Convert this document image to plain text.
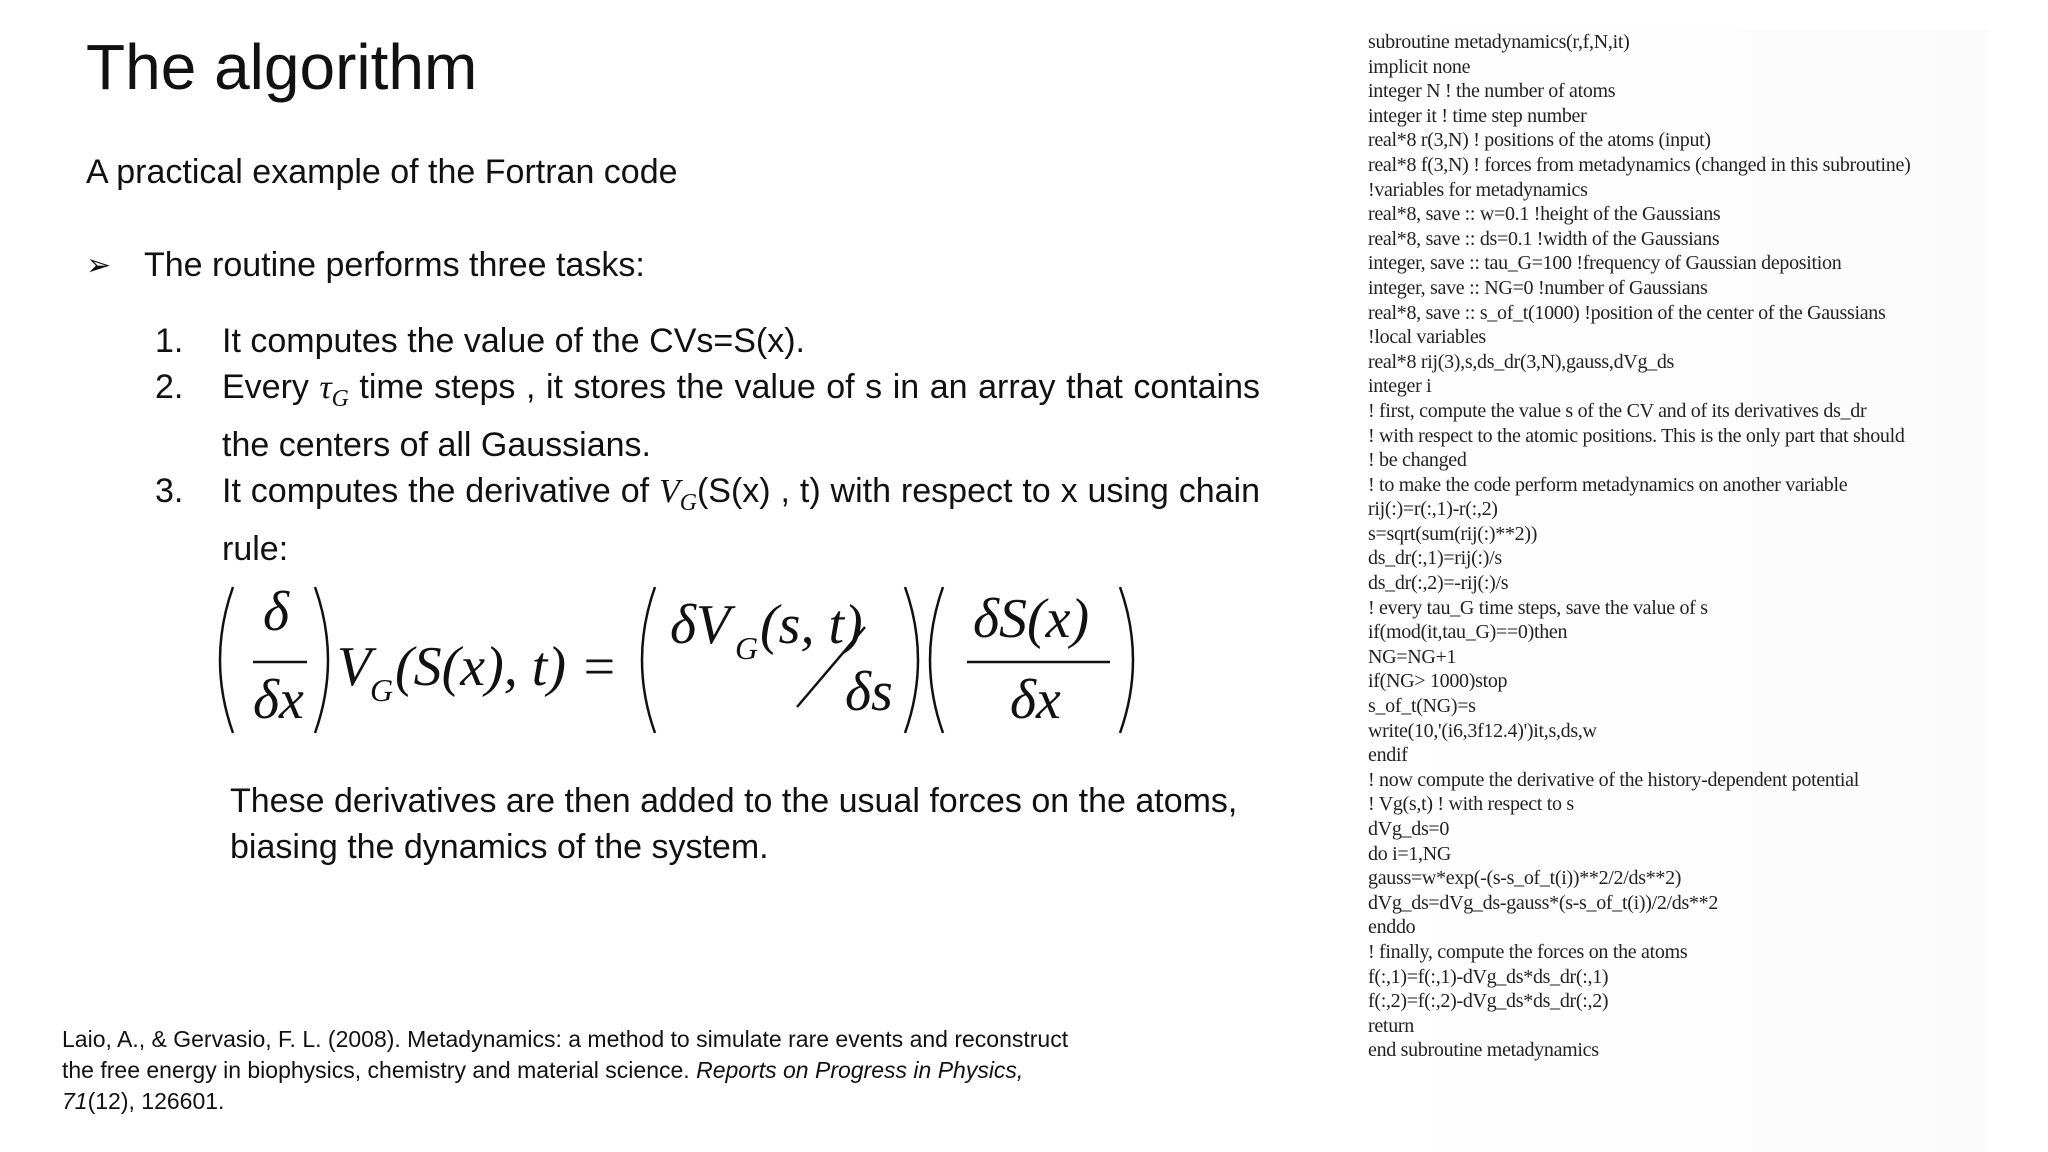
The algorithm
A practical example of the Fortran code
➢ The routine performs three tasks:
1.	It computes the value of the CVs=S(x).
2.	Every $\tau_G$ time steps , it stores the value of s in an array that contains the centers of all Gaussians.
3.	It computes the derivative of $V_G(S(x)$ , t) with respect to x using chain rule:
δ
δx
V
G (S(x), t) =
δV G (s, t)
δs
δS(x)
δx
These derivatives are then added to the usual forces on the atoms, biasing the dynamics of the system.
Laio, A., & Gervasio, F. L. (2008). Metadynamics: a method to simulate rare events and reconstruct the free energy in biophysics, chemistry and material science. Reports on Progress in Physics, 71(12), 126601.
subroutine metadynamics(r,f,N,it)
implicit none
integer N ! the number of atoms
integer it ! time step number
real*8 r(3,N) ! positions of the atoms (input)
real*8 f(3,N) ! forces from metadynamics (changed in this subroutine)
!variables for metadynamics
real*8, save :: w=0.1 !height of the Gaussians
real*8, save :: ds=0.1 !width of the Gaussians
integer, save :: tau_G=100 !frequency of Gaussian deposition
integer, save :: NG=0 !number of Gaussians
real*8, save :: s_of_t(1000) !position of the center of the Gaussians
!local variables
real*8 rij(3),s,ds_dr(3,N),gauss,dVg_ds
integer i
! first, compute the value s of the CV and of its derivatives ds_dr
! with respect to the atomic positions. This is the only part that should
! be changed
! to make the code perform metadynamics on another variable
rij(:)=r(:,1)-r(:,2)
s=sqrt(sum(rij(:)**2))
ds_dr(:,1)=rij(:)/s
ds_dr(:,2)=-rij(:)/s
! every tau_G time steps, save the value of s
if(mod(it,tau_G)==0)then
NG=NG+1
if(NG> 1000)stop
s_of_t(NG)=s
write(10,'(i6,3f12.4)')it,s,ds,w
endif
! now compute the derivative of the history-dependent potential
! Vg(s,t) ! with respect to s
dVg_ds=0
do i=1,NG
gauss=w*exp(-(s-s_of_t(i))**2/2/ds**2)
dVg_ds=dVg_ds-gauss*(s-s_of_t(i))/2/ds**2
enddo
! finally, compute the forces on the atoms
f(:,1)=f(:,1)-dVg_ds*ds_dr(:,1)
f(:,2)=f(:,2)-dVg_ds*ds_dr(:,2)
return
end subroutine metadynamics
